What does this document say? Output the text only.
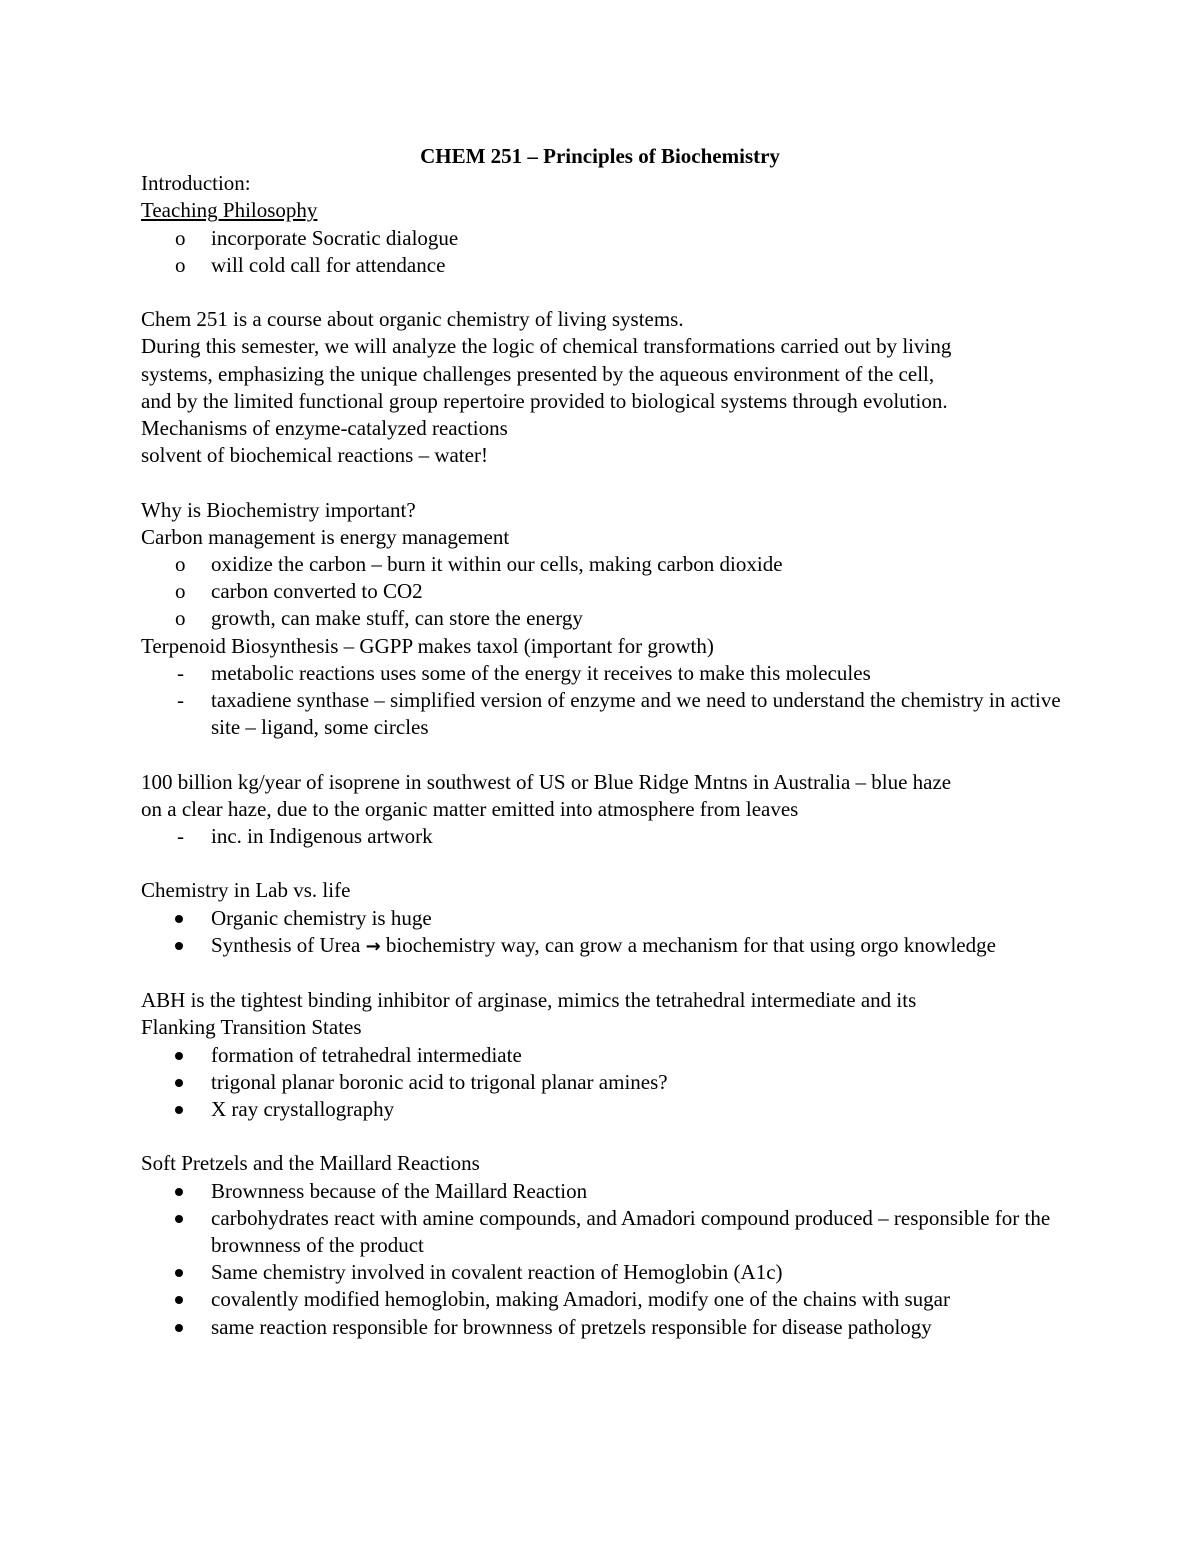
CHEM 251 – Principles of Biochemistry

Introduction:

Teaching Philosophy

o	incorporate Socratic dialogue
o	will cold call for attendance

Chem 251 is a course about organic chemistry of living systems.

During this semester, we will analyze the logic of chemical transformations carried out by living

systems, emphasizing the unique challenges presented by the aqueous environment of the cell,

and by the limited functional group repertoire provided to biological systems through evolution.

Mechanisms of enzyme-catalyzed reactions

solvent of biochemical reactions – water!

Why is Biochemistry important?

Carbon management is energy management

o	oxidize the carbon – burn it within our cells, making carbon dioxide
o	carbon converted to CO2
o	growth, can make stuff, can store the energy

Terpenoid Biosynthesis – GGPP makes taxol (important for growth)

-	metabolic reactions uses some of the energy it receives to make this molecules
-	taxadiene synthase – simplified version of enzyme and we need to understand the chemistry in active site – ligand, some circles

100 billion kg/year of isoprene in southwest of US or Blue Ridge Mntns in Australia – blue haze

on a clear haze, due to the organic matter emitted into atmosphere from leaves

-	inc. in Indigenous artwork

Chemistry in Lab vs. life

Organic chemistry is huge
Synthesis of Urea → biochemistry way, can grow a mechanism for that using orgo knowledge

ABH is the tightest binding inhibitor of arginase, mimics the tetrahedral intermediate and its

Flanking Transition States

formation of tetrahedral intermediate
trigonal planar boronic acid to trigonal planar amines?
X ray crystallography

Soft Pretzels and the Maillard Reactions

Brownness because of the Maillard Reaction
carbohydrates react with amine compounds, and Amadori compound produced – responsible for the brownness of the product
Same chemistry involved in covalent reaction of Hemoglobin (A1c)
covalently modified hemoglobin, making Amadori, modify one of the chains with sugar
same reaction responsible for brownness of pretzels responsible for disease pathology
